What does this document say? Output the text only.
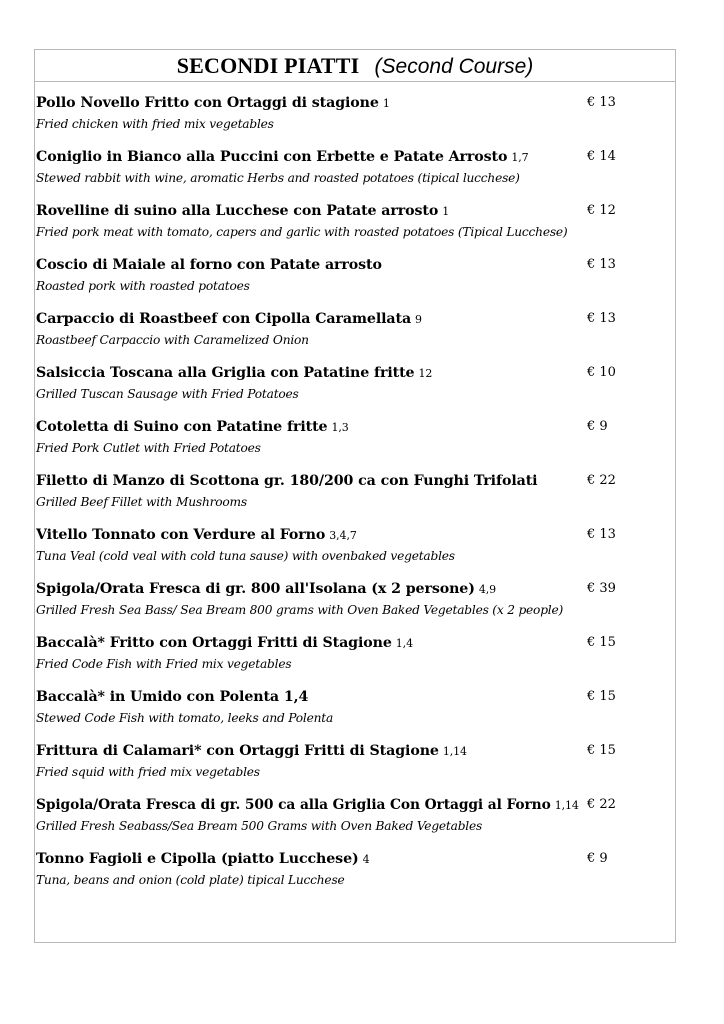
SECONDI PIATTI (Second Course)
Pollo Novello Fritto con Ortaggi di stagione 1
Fried chicken with fried mix vegetables
€ 13
Coniglio in Bianco alla Puccini con Erbette e Patate Arrosto 1,7
Stewed rabbit with wine, aromatic Herbs and roasted potatoes (tipical lucchese)
€ 14
Rovelline di suino alla Lucchese con Patate arrosto 1
Fried pork meat with tomato, capers and garlic with roasted potatoes (Tipical Lucchese)
€ 12
Coscio di Maiale al forno con Patate arrosto
Roasted pork with roasted potatoes
€ 13
Carpaccio di Roastbeef con Cipolla Caramellata 9
Roastbeef Carpaccio with Caramelized Onion
€ 13
Salsiccia Toscana alla Griglia con Patatine fritte 12
Grilled Tuscan Sausage with Fried Potatoes
€ 10
Cotoletta di Suino con Patatine fritte 1,3
Fried Pork Cutlet with Fried Potatoes
€ 9
Filetto di Manzo di Scottona gr. 180/200 ca con Funghi Trifolati
Grilled Beef Fillet with Mushrooms
€ 22
Vitello Tonnato con Verdure al Forno 3,4,7
Tuna Veal (cold veal with cold tuna sause) with ovenbaked vegetables
€ 13
Spigola/Orata Fresca di gr. 800 all'Isolana (x 2 persone) 4,9
Grilled Fresh Sea Bass/ Sea Bream 800 grams with Oven Baked Vegetables (x 2 people)
€ 39
Baccalà* Fritto con Ortaggi Fritti di Stagione 1,4
Fried Code Fish with Fried mix vegetables
€ 15
Baccalà* in Umido con Polenta 1,4
Stewed Code Fish with tomato, leeks and Polenta
€ 15
Frittura di Calamari* con Ortaggi Fritti di Stagione 1,14
Fried squid with fried mix vegetables
€ 15
Spigola/Orata Fresca di gr. 500 ca alla Griglia Con Ortaggi al Forno 1,14
Grilled Fresh Seabass/Sea Bream 500 Grams with Oven Baked Vegetables
€ 22
Tonno Fagioli e Cipolla (piatto Lucchese) 4
Tuna, beans and onion (cold plate) tipical Lucchese
€ 9
